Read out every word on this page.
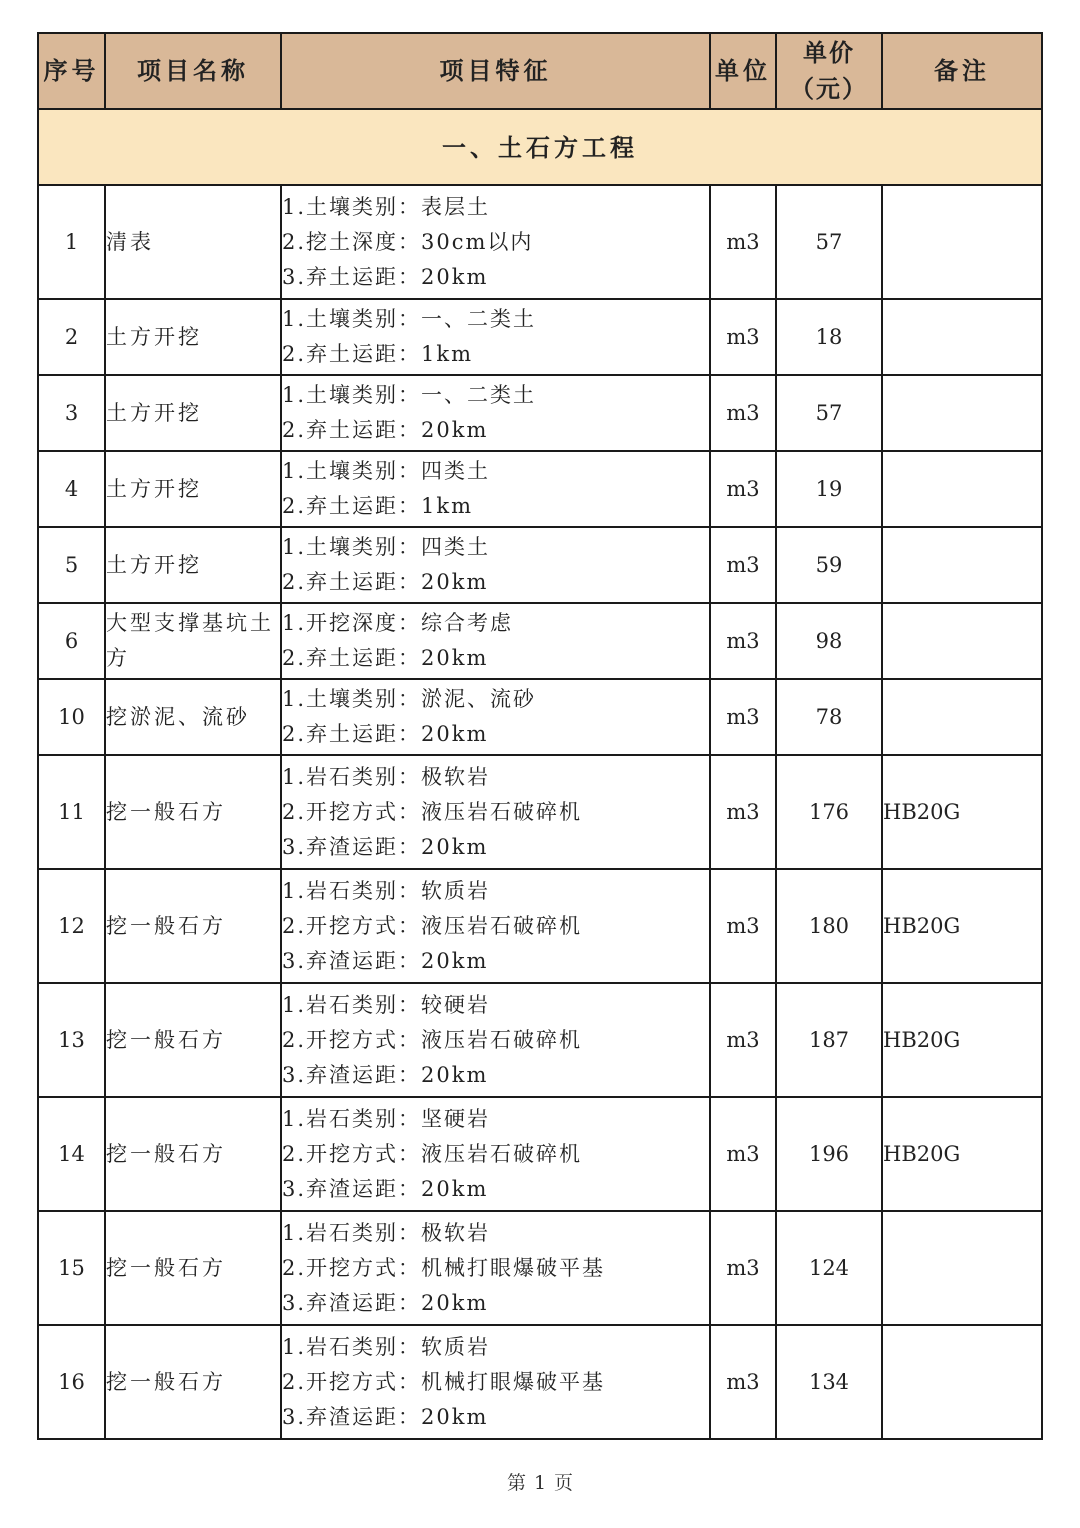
序号	项目名称	项目特征	单位	单价
（元）	备注
一、土石方工程					
1	清表	1.土壤类别：表层土
2.挖土深度：30cm以内
3.弃土运距：20km	m3	57	
2	土方开挖	1.土壤类别：一、二类土
2.弃土运距：1km	m3	18	
3	土方开挖	1.土壤类别：一、二类土
2.弃土运距：20km	m3	57	
4	土方开挖	1.土壤类别：四类土
2.弃土运距：1km	m3	19	
5	土方开挖	1.土壤类别：四类土
2.弃土运距：20km	m3	59	
6	大型支撑基坑土方	1.开挖深度：综合考虑
2.弃土运距：20km	m3	98	
10	挖淤泥、流砂	1.土壤类别：淤泥、流砂
2.弃土运距：20km	m3	78	
11	挖一般石方	1.岩石类别：极软岩
2.开挖方式：液压岩石破碎机
3.弃渣运距：20km	m3	176	HB20G
12	挖一般石方	1.岩石类别：软质岩
2.开挖方式：液压岩石破碎机
3.弃渣运距：20km	m3	180	HB20G
13	挖一般石方	1.岩石类别：较硬岩
2.开挖方式：液压岩石破碎机
3.弃渣运距：20km	m3	187	HB20G
14	挖一般石方	1.岩石类别：坚硬岩
2.开挖方式：液压岩石破碎机
3.弃渣运距：20km	m3	196	HB20G
15	挖一般石方	1.岩石类别：极软岩
2.开挖方式：机械打眼爆破平基
3.弃渣运距：20km	m3	124	
16	挖一般石方	1.岩石类别：软质岩
2.开挖方式：机械打眼爆破平基
3.弃渣运距：20km	m3	134	
第 1 页
